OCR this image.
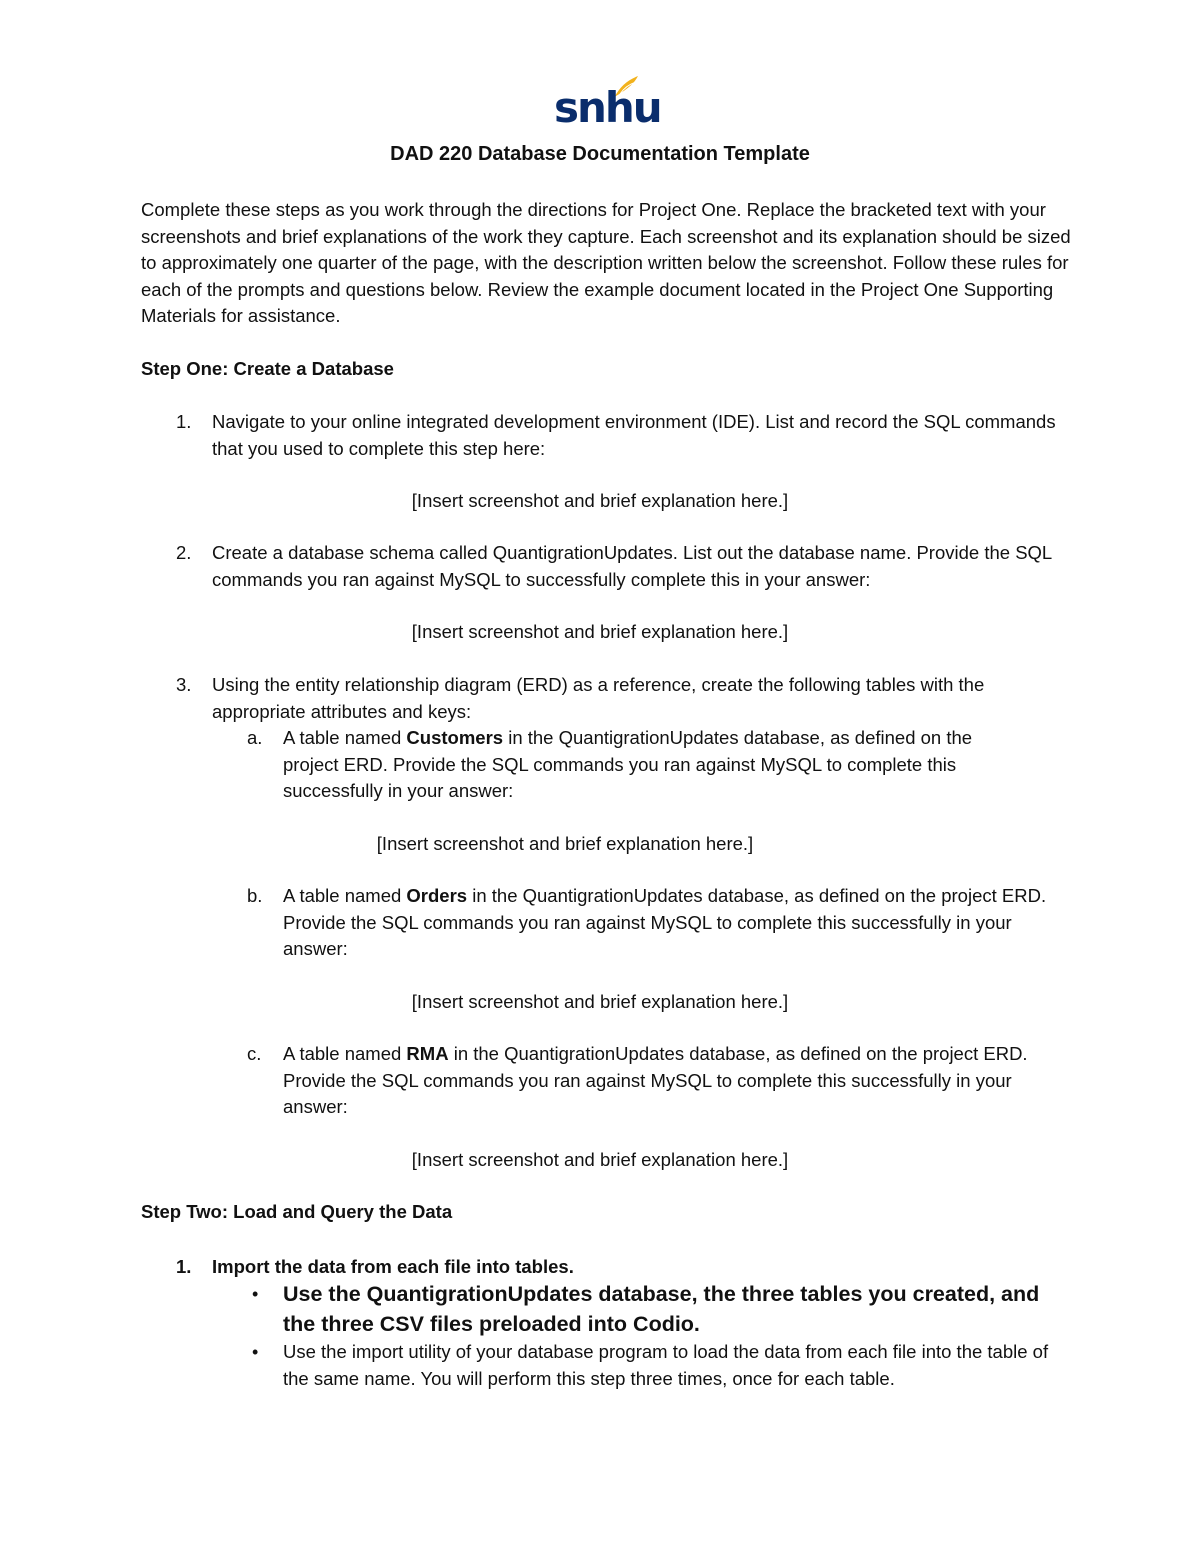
snhu
DAD 220 Database Documentation Template
Complete these steps as you work through the directions for Project One. Replace the bracketed text with your screenshots and brief explanations of the work they capture. Each screenshot and its explanation should be sized to approximately one quarter of the page, with the description written below the screenshot. Follow these rules for each of the prompts and questions below. Review the example document located in the Project One Supporting Materials for assistance.
Step One: Create a Database
1.	Navigate to your online integrated development environment (IDE). List and record the SQL commands that you used to complete this step here:
[Insert screenshot and brief explanation here.]
2.	Create a database schema called QuantigrationUpdates. List out the database name. Provide the SQL commands you ran against MySQL to successfully complete this in your answer:
[Insert screenshot and brief explanation here.]
3.	Using the entity relationship diagram (ERD) as a reference, create the following tables with the appropriate attributes and keys:
a.	A table named Customers in the QuantigrationUpdates database, as defined on the project ERD. Provide the SQL commands you ran against MySQL to complete this successfully in your answer:
[Insert screenshot and brief explanation here.]
b.	A table named Orders in the QuantigrationUpdates database, as defined on the project ERD. Provide the SQL commands you ran against MySQL to complete this successfully in your answer:
[Insert screenshot and brief explanation here.]
c.	A table named RMA in the QuantigrationUpdates database, as defined on the project ERD. Provide the SQL commands you ran against MySQL to complete this successfully in your answer:
[Insert screenshot and brief explanation here.]
Step Two: Load and Query the Data
1.	Import the data from each file into tables.
• Use the QuantigrationUpdates database, the three tables you created, and the three CSV files preloaded into Codio.
• Use the import utility of your database program to load the data from each file into the table of the same name. You will perform this step three times, once for each table.
